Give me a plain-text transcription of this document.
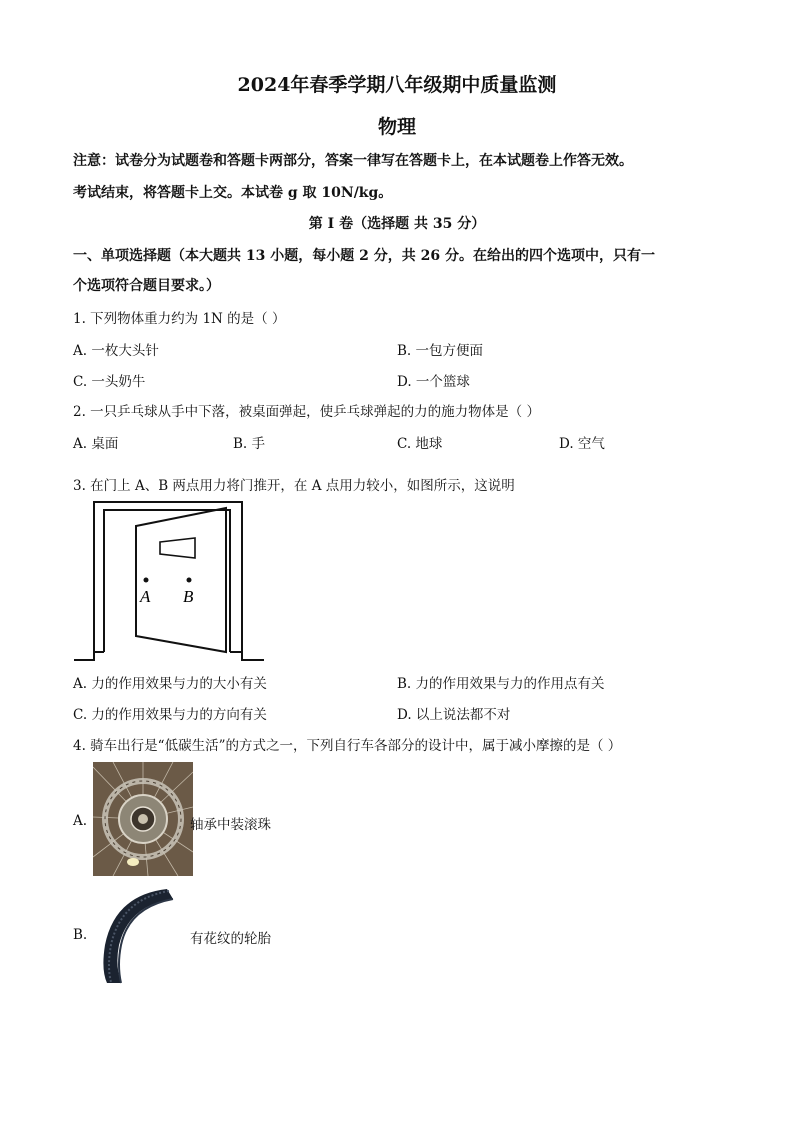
2024年春季学期八年级期中质量监测
物理
注意：试卷分为试题卷和答题卡两部分，答案一律写在答题卡上，在本试题卷上作答无效。
考试结束，将答题卡上交。本试卷 g 取 10N/kg。
第 I 卷（选择题 共 35 分）
一、单项选择题（本大题共 13 小题，每小题 2 分，共 26 分。在给出的四个选项中，只有一
个选项符合题目要求。）
1. 下列物体重力约为 1N 的是（ ）
A. 一枚大头针	B. 一包方便面
C. 一头奶牛	D. 一个篮球
2. 一只乒乓球从手中下落，被桌面弹起，使乒乓球弹起的力的施力物体是（ ）
A. 桌面	B. 手	C. 地球	D. 空气
3. 在门上 A、B 两点用力将门推开，在 A 点用力较小，如图所示，这说明
A B
A. 力的作用效果与力的大小有关	B. 力的作用效果与力的作用点有关
C. 力的作用效果与力的方向有关	D. 以上说法都不对
4. 骑车出行是“低碳生活”的方式之一，下列自行车各部分的设计中，属于减小摩擦的是（ ）
A.	轴承中装滚珠
B.	有花纹的轮胎
